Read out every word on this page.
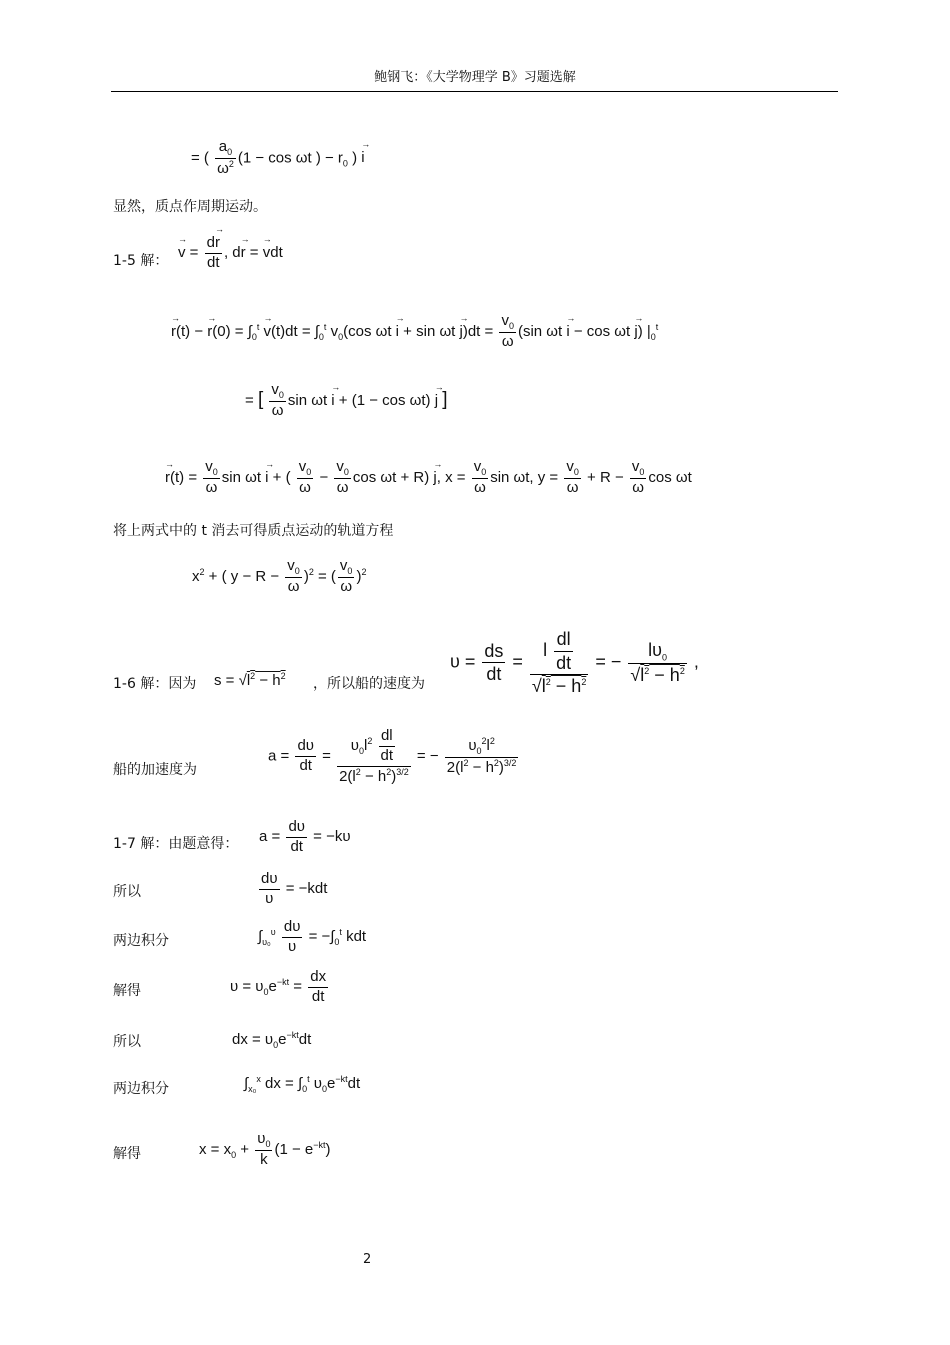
鲍钢飞：《大学物理学 B》习题选解
= ( $\frac{a_0}{\omega^2} (1 - \cos \omega t$ ) − $r_0$ ) → i
显然，质点作周期运动。
1-5 解： → $v = \frac{d\to r}{dt}$ , d→ r = → vdt
→ r(t) − → $r(0) = \int_0^t \to v(t)dt = \int_0^t$ $v_0(\cos$ $\omega t \to i + \sin \omega t \to j)dt = \frac{v_0}{\omega} (\sin$ ωt → i − cos ωt → j) $|_0^t$
= [ $\frac{v_0}{\omega}$ sin ωt → i + (1 − cos ωt) → j ]
→ $r(t) = \frac{v_0}{\omega}$ sin ωt → i + ( $\frac{v_0}{\omega} - \frac{v_0}{\omega}$ cos ωt + R) → j, $x = \frac{v_0}{\omega}$ sin ωt, $y = \frac{v_0}{\omega} + R - \frac{v_0}{\omega}$ cos ωt
将上两式中的 t 消去可得质点运动的轨道方程
$x^2$ + ( $y - R - \frac{v_0}{\omega} )^2$ = ( $\frac{v_0}{\omega} )^2$
1-6 解：因为 $s = √l^2 - h^2$ ，所以船的速度为
$\upsilon = \frac{ds}{dt} = \frac{l \frac{dl}{dt}}{√l^2 - h^2}$ = − $\frac{l\upsilon_0}{√l^2 - h^2}$ ,
船的加速度为
$a = \frac{d\upsilon}{dt} = \frac{\upsilon_0l^2 \frac{dl}{dt}}{2(l^2 - h^2)^{3/2}}$ = − $\frac{\upsilon_0^2l^2}{2(l^2 - h^2)^{3/2}}$
1-7 解：由题意得： $a = \frac{d\upsilon}{dt} = -k\upsilon$
所以	$\frac{d\upsilon}{\upsilon} = -kdt$
两边积分	$\int_{\upsilon_0}^\upsilon \frac{d\upsilon}{\upsilon} = -\int_0^t$ kdt
解得	$\upsilon = \upsilon_0e^{-kt} = \frac{dx}{dt}$
所以	dx = $\upsilon_0e^{-kt}dt$
两边积分	$\int_{x_0}^x$ dx = $\int_0^t$ $\upsilon_0e^{-kt}dt$
解得	$x = x_0 + \frac{\upsilon_0}{k} (1 - e^{-kt})$
2
